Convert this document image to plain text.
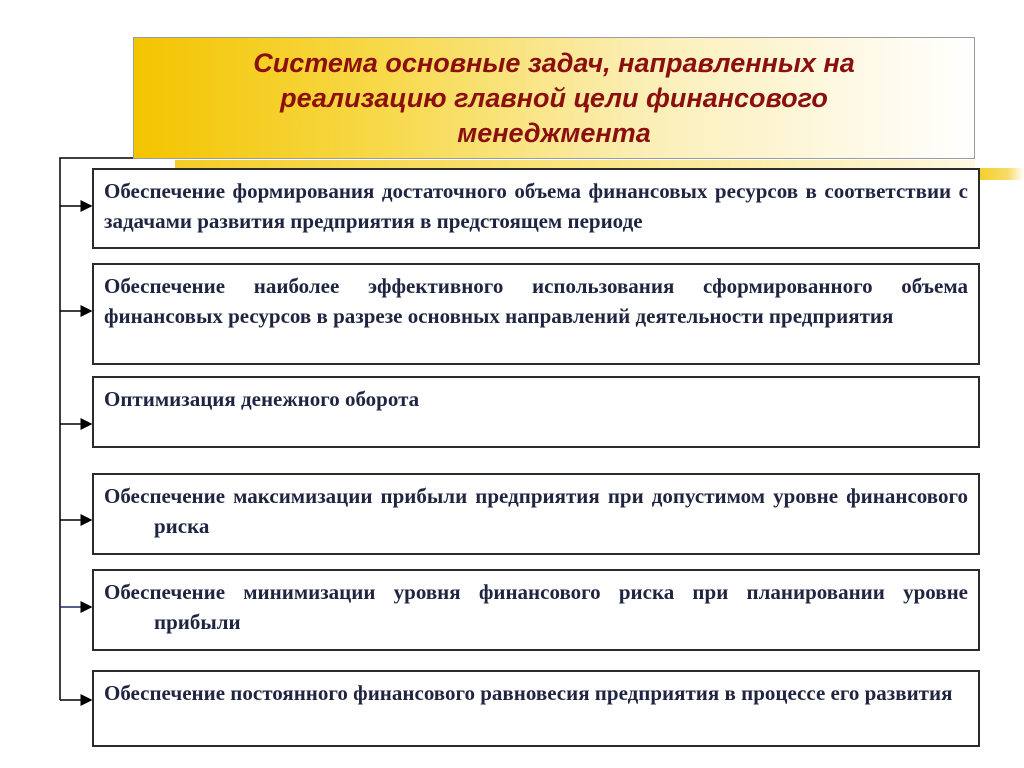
Система основные задач, направленных на реализацию главной цели финансового менеджмента
Обеспечение формирования достаточного объема финансовых ресурсов в соответствии с задачами развития предприятия в предстоящем периоде
Обеспечение наиболее эффективного использования сформированного объема финансовых ресурсов в разрезе основных направлений деятельности предприятия
Оптимизация денежного оборота
Обеспечение максимизации прибыли предприятия при допустимом уровне финансового риска
Обеспечение минимизации уровня финансового риска при планировании уровне прибыли
Обеспечение постоянного финансового равновесия предприятия в процессе его развития
